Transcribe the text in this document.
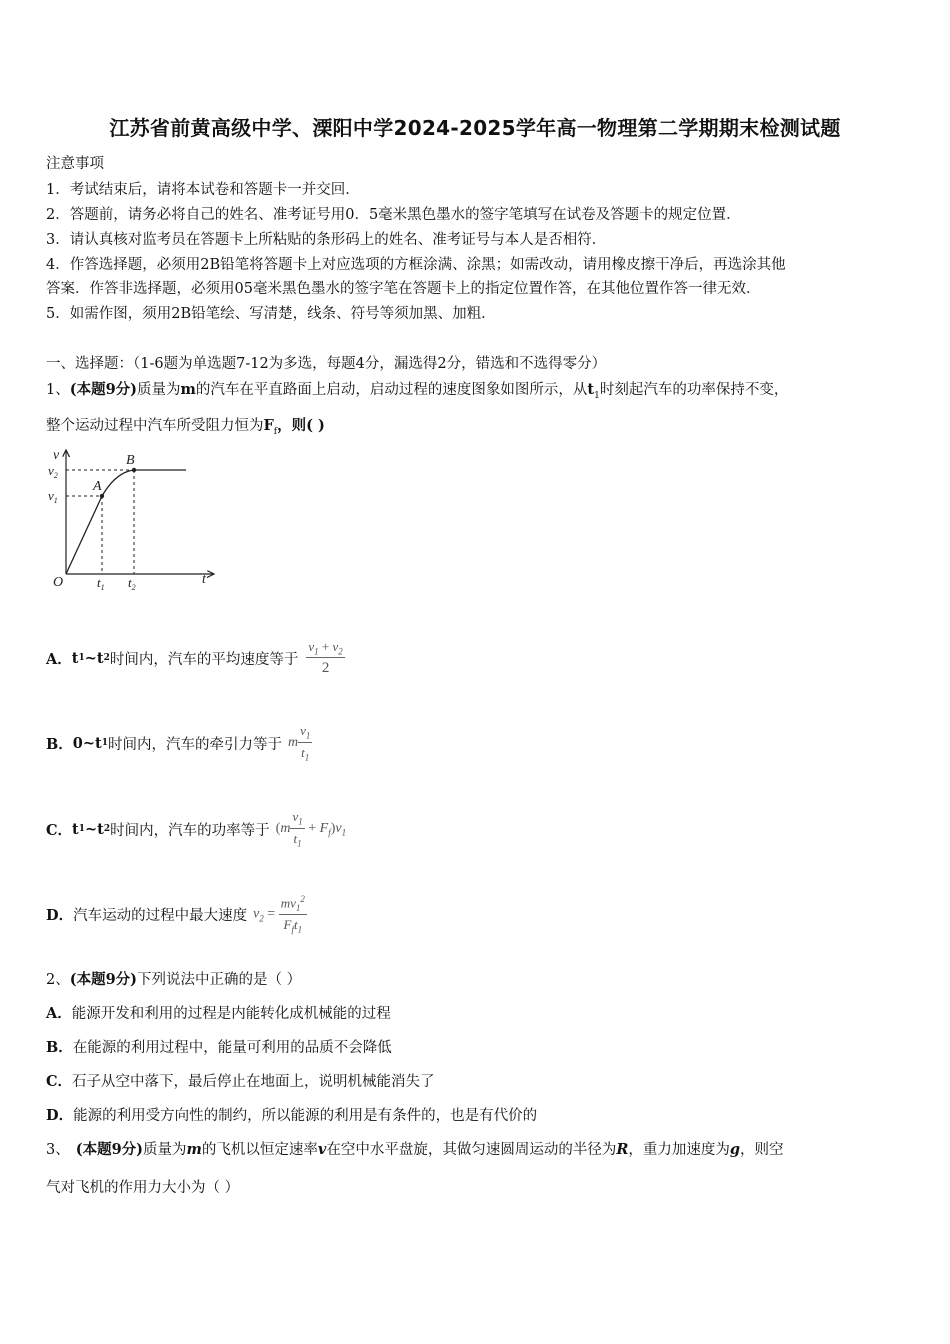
江苏省前黄高级中学、溧阳中学2024-2025学年高一物理第二学期期末检测试题
注意事项
1．考试结束后，请将本试卷和答题卡一并交回．
2．答题前，请务必将自己的姓名、准考证号用0．5毫米黑色墨水的签字笔填写在试卷及答题卡的规定位置．
3．请认真核对监考员在答题卡上所粘贴的条形码上的姓名、准考证号与本人是否相符．
4．作答选择题，必须用2B铅笔将答题卡上对应选项的方框涂满、涂黑；如需改动，请用橡皮擦干净后，再选涂其他
答案．作答非选择题，必须用05毫米黑色墨水的签字笔在答题卡上的指定位置作答，在其他位置作答一律无效．
5．如需作图，须用2B铅笔绘、写清楚，线条、符号等须加黑、加粗．
一、选择题：（1-6题为单选题7-12为多选，每题4分，漏选得2分，错选和不选得零分）
1、(本题9分)质量为m的汽车在平直路面上启动，启动过程的速度图象如图所示，从$t_1$时刻起汽车的功率保持不变，
整个运动过程中汽车所受阻力恒为$F_f$，则( )
v
$v_2$
$v_1$
O	t
$t_1$ $t_2$
A
B
A． t 1 ~t 2 时间内，汽车的平均速度等于 $\frac{v_1 + v_2}{2}$
B． 0~t 1 时间内，汽车的牵引力等于 m $\frac{v_1}{t_1}$
C． t 1 ~t 2 时间内，汽车的功率等于 $(m \frac{v_1}{t_1} + F_f)v_1$
D． 汽车运动的过程中最大速度 $v_2 = \frac{mv_1^2}{F_ft_1}$
2、(本题9分)下列说法中正确的是（ ）
A．能源开发和利用的过程是内能转化成机械能的过程
B．在能源的利用过程中，能量可利用的品质不会降低
C．石子从空中落下，最后停止在地面上，说明机械能消失了
D．能源的利用受方向性的制约，所以能源的利用是有条件的，也是有代价的
3、 (本题9分)质量为m的飞机以恒定速率v在空中水平盘旋，其做匀速圆周运动的半径为R，重力加速度为g，则空
气对飞机的作用力大小为（ ）
